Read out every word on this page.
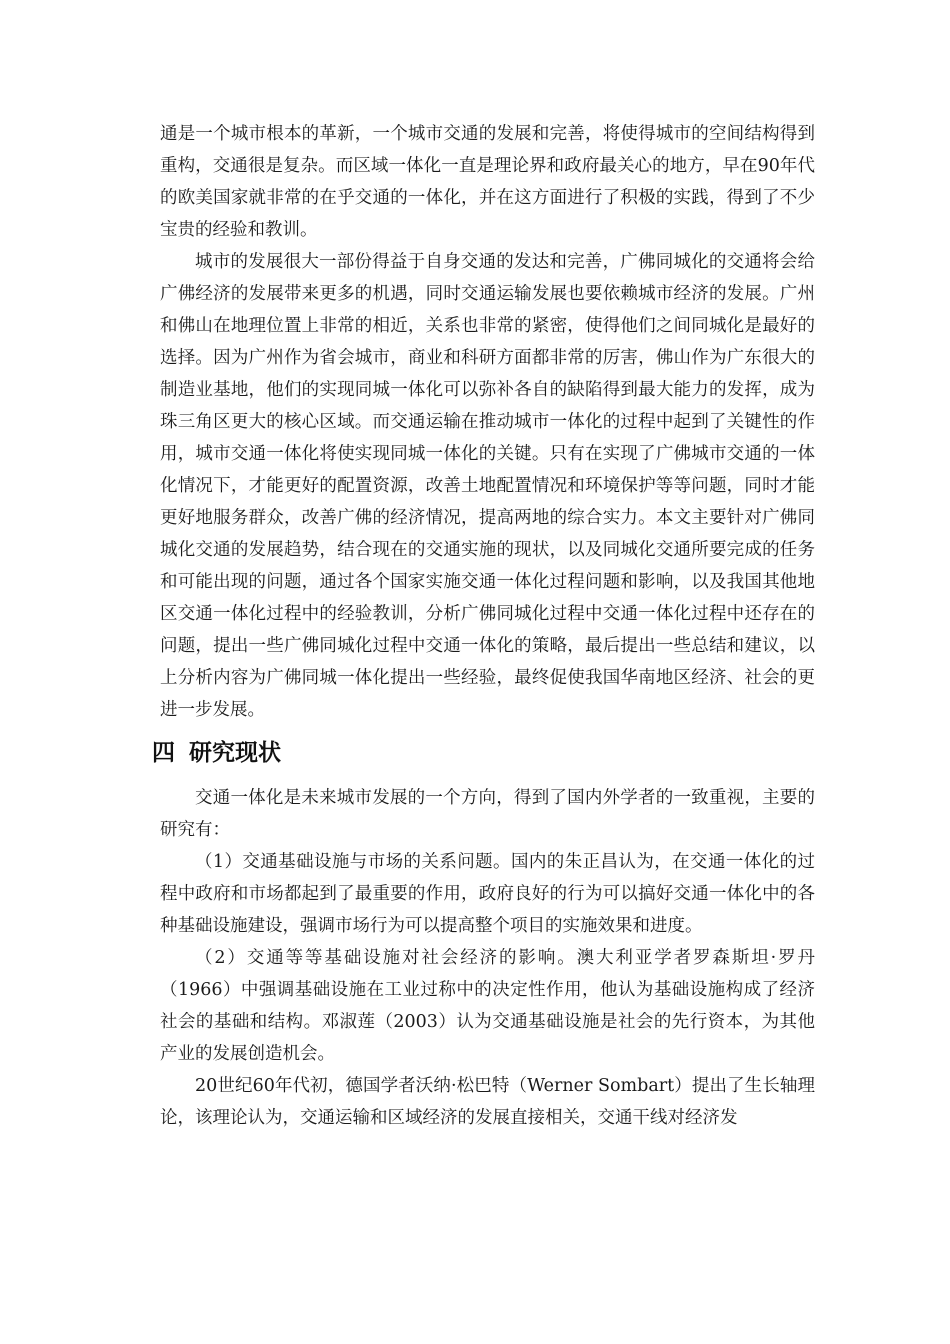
通是一个城市根本的革新，一个城市交通的发展和完善，将使得城市的空间结构得到重构，交通很是复杂。而区域一体化一直是理论界和政府最关心的地方，早在90年代的欧美国家就非常的在乎交通的一体化，并在这方面进行了积极的实践，得到了不少宝贵的经验和教训。

城市的发展很大一部份得益于自身交通的发达和完善，广佛同城化的交通将会给广佛经济的发展带来更多的机遇，同时交通运输发展也要依赖城市经济的发展。广州和佛山在地理位置上非常的相近，关系也非常的紧密，使得他们之间同城化是最好的选择。因为广州作为省会城市，商业和科研方面都非常的厉害，佛山作为广东很大的制造业基地，他们的实现同城一体化可以弥补各自的缺陷得到最大能力的发挥，成为珠三角区更大的核心区域。而交通运输在推动城市一体化的过程中起到了关键性的作用，城市交通一体化将使实现同城一体化的关键。只有在实现了广佛城市交通的一体化情况下，才能更好的配置资源，改善土地配置情况和环境保护等等问题，同时才能更好地服务群众，改善广佛的经济情况，提高两地的综合实力。本文主要针对广佛同城化交通的发展趋势，结合现在的交通实施的现状，以及同城化交通所要完成的任务和可能出现的问题，通过各个国家实施交通一体化过程问题和影响，以及我国其他地区交通一体化过程中的经验教训，分析广佛同城化过程中交通一体化过程中还存在的问题，提出一些广佛同城化过程中交通一体化的策略，最后提出一些总结和建议，以上分析内容为广佛同城一体化提出一些经验，最终促使我国华南地区经济、社会的更进一步发展。

四 研究现状

交通一体化是未来城市发展的一个方向，得到了国内外学者的一致重视，主要的研究有：

（1）交通基础设施与市场的关系问题。国内的朱正昌认为，在交通一体化的过程中政府和市场都起到了最重要的作用，政府良好的行为可以搞好交通一体化中的各种基础设施建设，强调市场行为可以提高整个项目的实施效果和进度。

（2）交通等等基础设施对社会经济的影响。澳大利亚学者罗森斯坦·罗丹（1966）中强调基础设施在工业过称中的决定性作用，他认为基础设施构成了经济社会的基础和结构。邓淑莲（2003）认为交通基础设施是社会的先行资本，为其他产业的发展创造机会。

20世纪60年代初，德国学者沃纳·松巴特（Werner Sombart）提出了生长轴理论，该理论认为，交通运输和区域经济的发展直接相关，交通干线对经济发
